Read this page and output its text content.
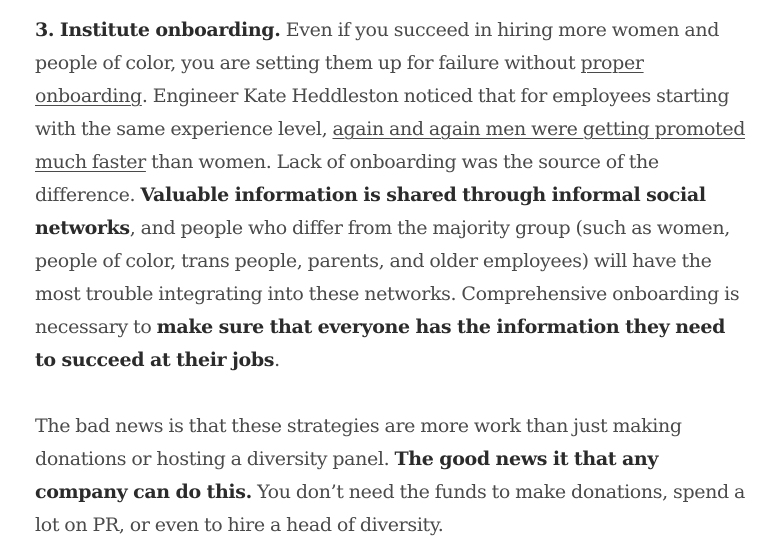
3. Institute onboarding. Even if you succeed in hiring more women and people of color, you are setting them up for failure without proper onboarding. Engineer Kate Heddleston noticed that for employees starting with the same experience level, again and again men were getting promoted much faster than women. Lack of onboarding was the source of the difference. Valuable information is shared through informal social networks, and people who differ from the majority group (such as women, people of color, trans people, parents, and older employees) will have the most trouble integrating into these networks. Comprehensive onboarding is necessary to make sure that everyone has the information they need to succeed at their jobs.

The bad news is that these strategies are more work than just making donations or hosting a diversity panel. The good news it that any company can do this. You don’t need the funds to make donations, spend a lot on PR, or even to hire a head of diversity.
